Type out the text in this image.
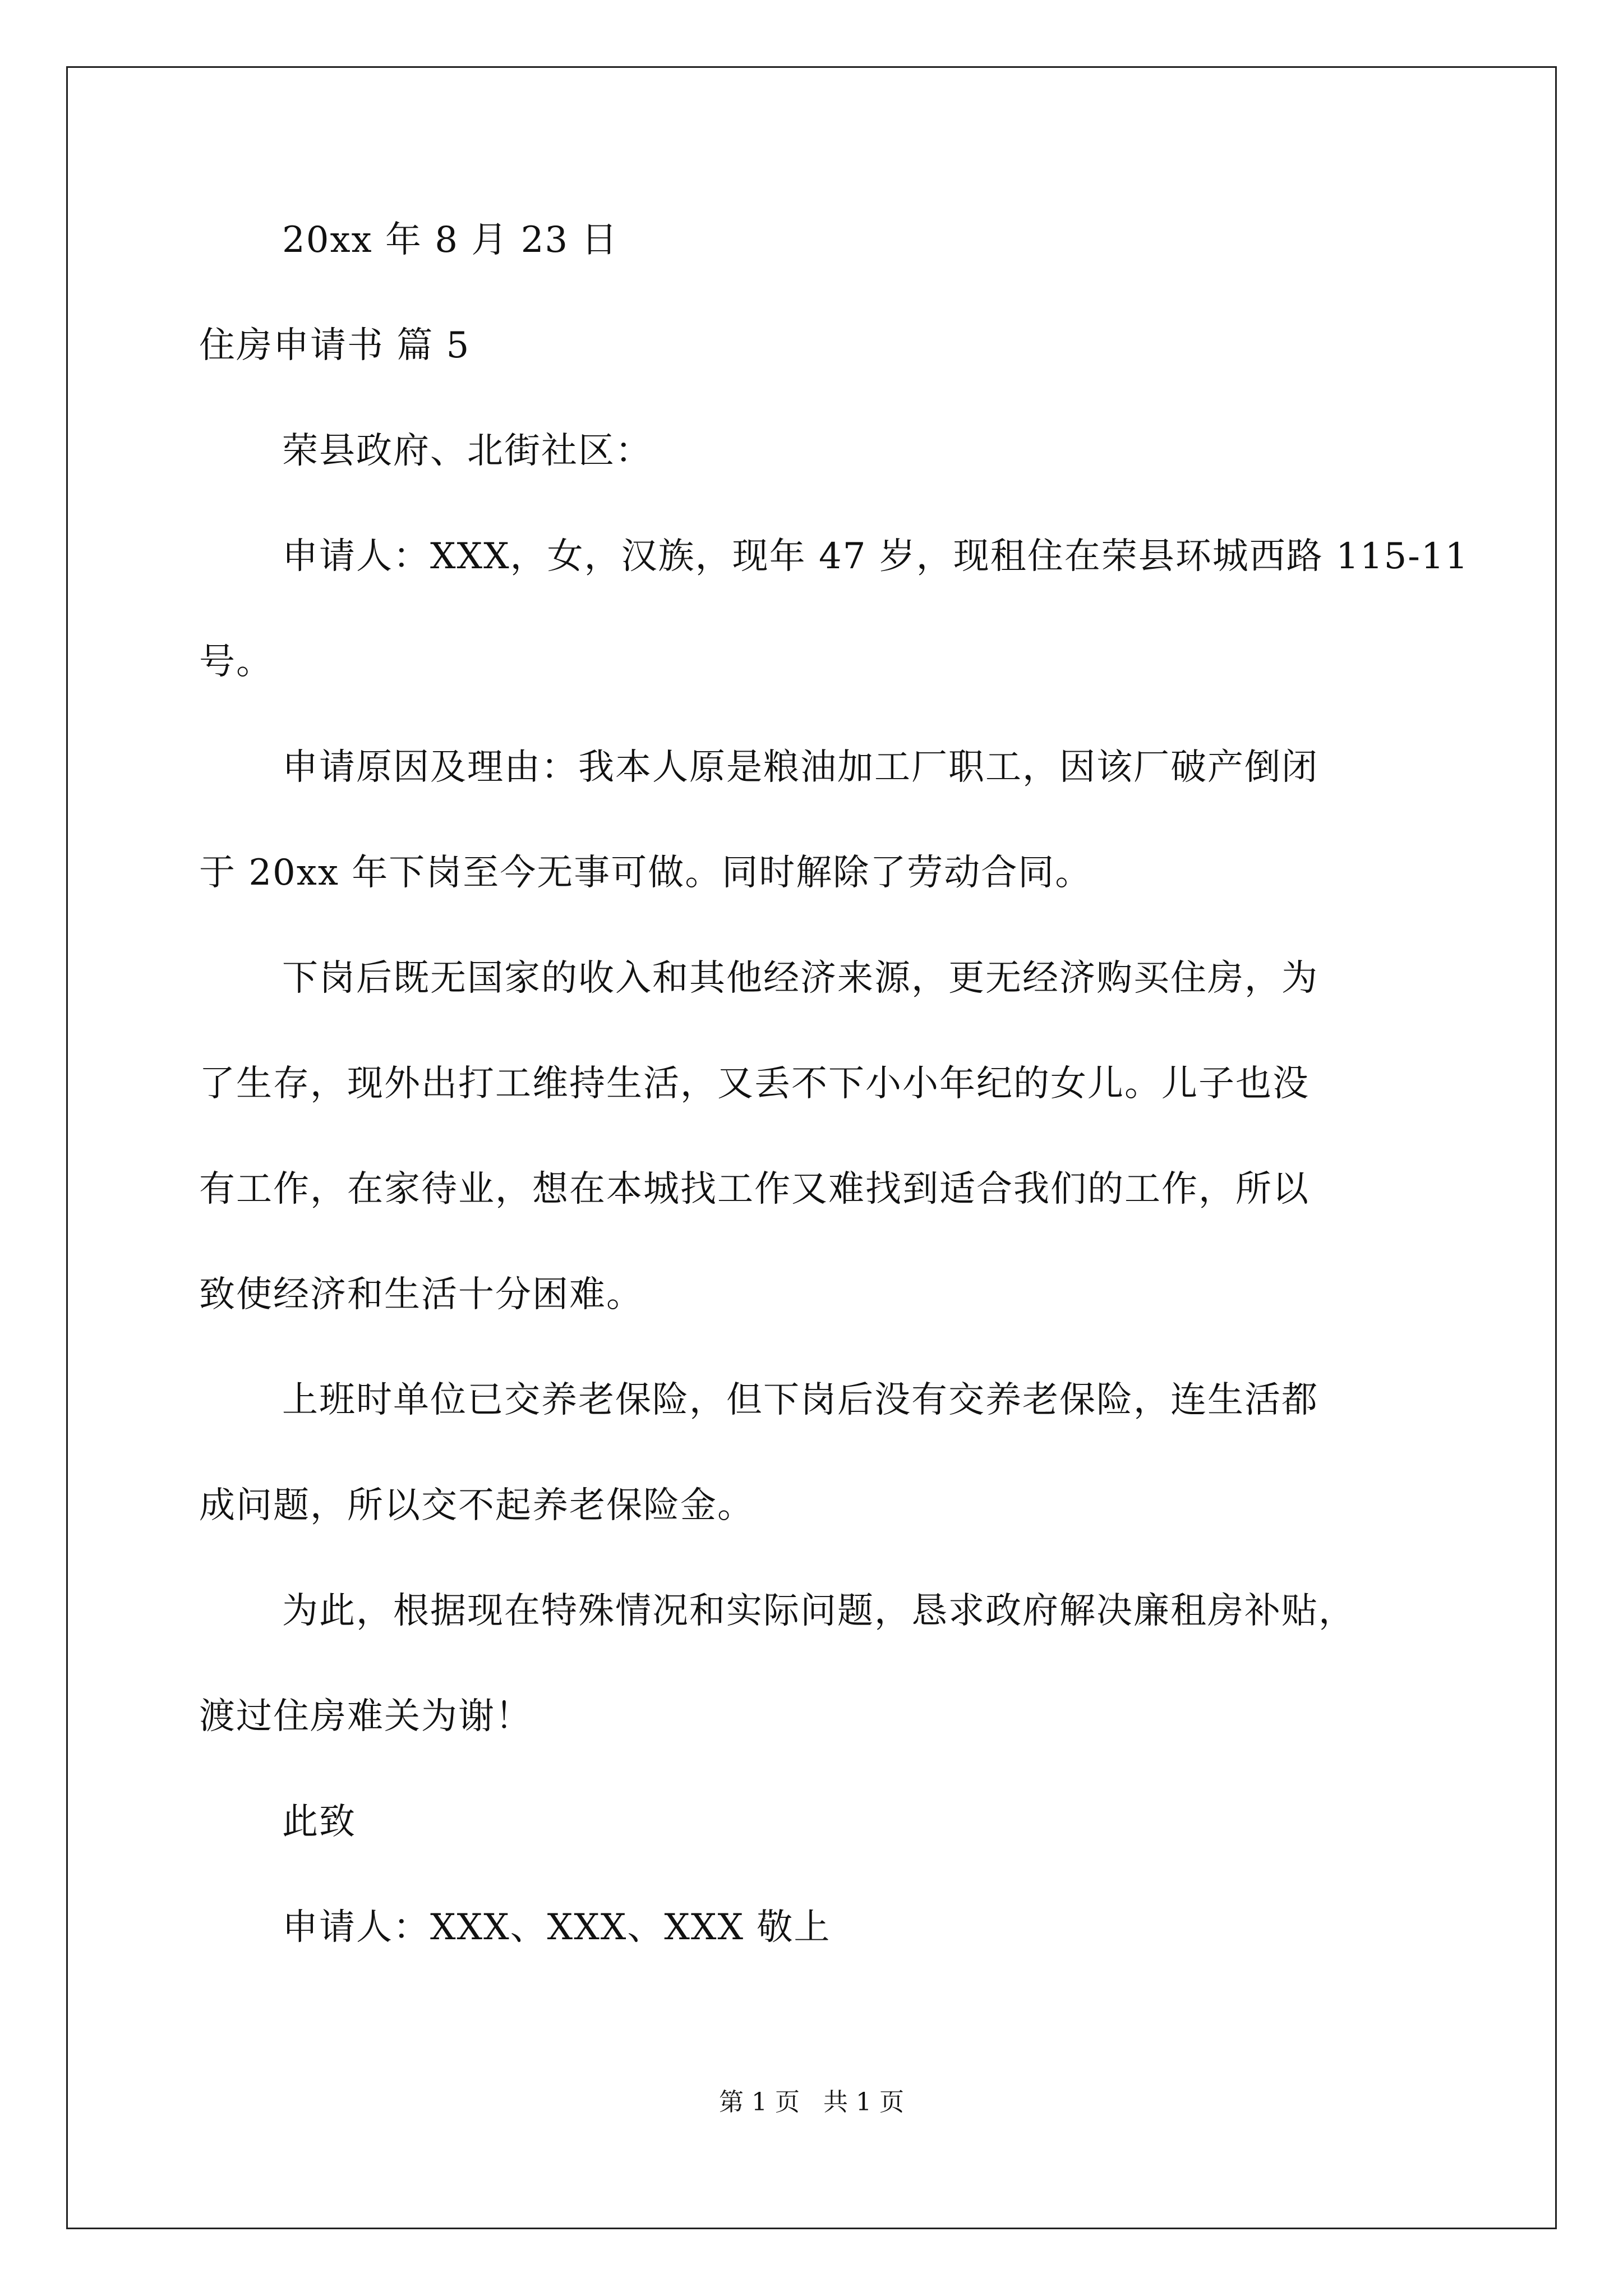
20xx 年 8 月 23 日
住房申请书 篇 5
荣县政府、北街社区：
申请人：XXX，女，汉族，现年 47 岁，现租住在荣县环城西路 115-11
号。
申请原因及理由：我本人原是粮油加工厂职工，因该厂破产倒闭
于 20xx 年下岗至今无事可做。同时解除了劳动合同。
下岗后既无国家的收入和其他经济来源，更无经济购买住房，为
了生存，现外出打工维持生活，又丢不下小小年纪的女儿。儿子也没
有工作，在家待业，想在本城找工作又难找到适合我们的工作，所以
致使经济和生活十分困难。
上班时单位已交养老保险，但下岗后没有交养老保险，连生活都
成问题，所以交不起养老保险金。
为此，根据现在特殊情况和实际问题，恳求政府解决廉租房补贴，
渡过住房难关为谢！
此致
申请人：XXX、XXX、XXX 敬上
第 1 页   共 1 页
